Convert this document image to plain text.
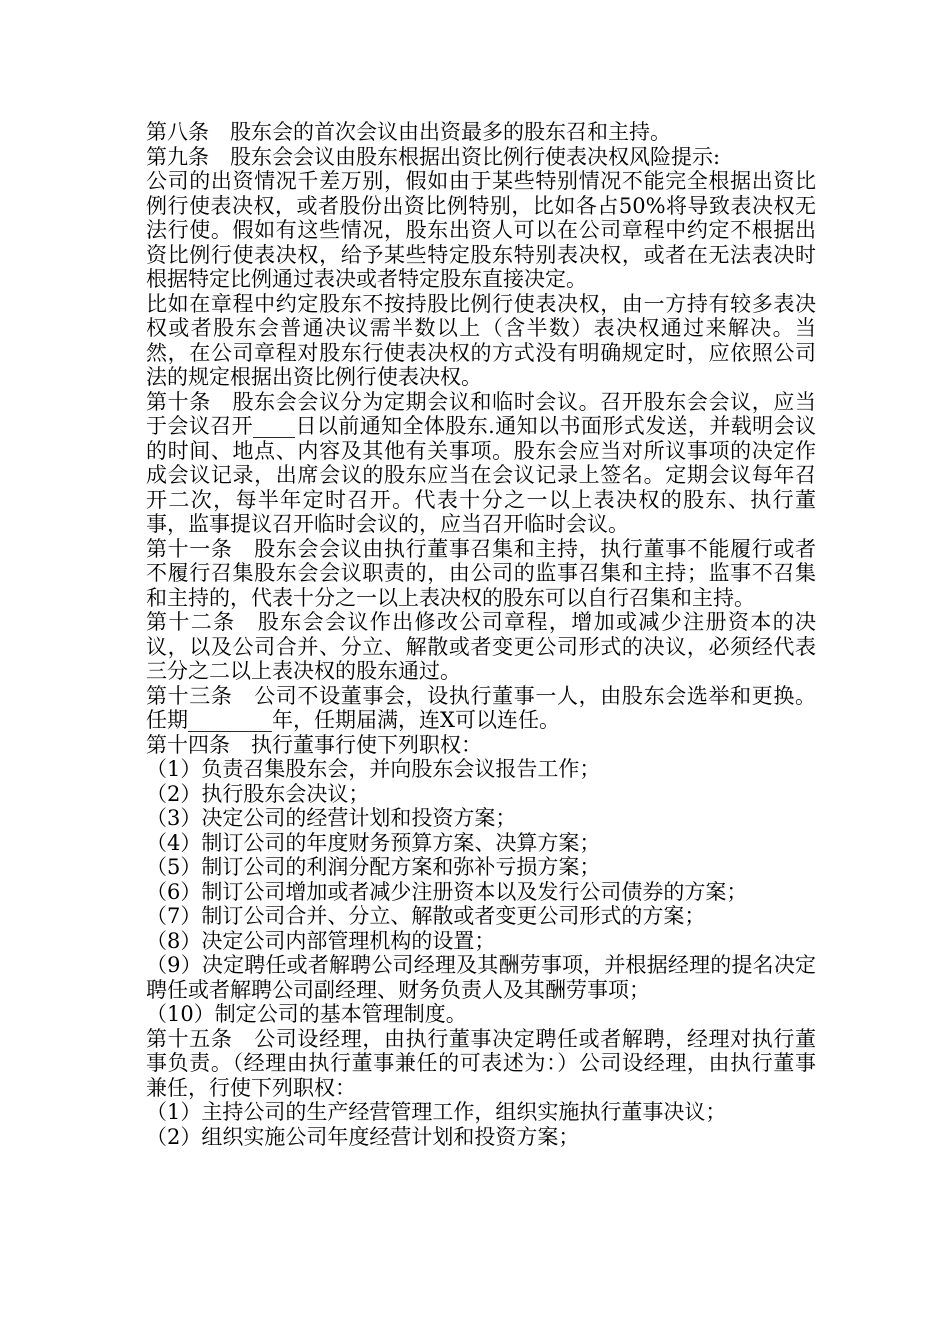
第八条　股东会的首次会议由出资最多的股东召和主持。

第九条　股东会会议由股东根据出资比例行使表决权风险提示:

公司的出资情况千差万别，假如由于某些特别情况不能完全根据出资比例行使表决权，或者股份出资比例特别，比如各占50%将导致表决权无法行使。假如有这些情况，股东出资人可以在公司章程中约定不根据出资比例行使表决权，给予某些特定股东特别表决权，或者在无法表决时根据特定比例通过表决或者特定股东直接决定。

比如在章程中约定股东不按持股比例行使表决权，由一方持有较多表决权或者股东会普通决议需半数以上（含半数）表决权通过来解决。当然，在公司章程对股东行使表决权的方式没有明确规定时，应依照公司法的规定根据出资比例行使表决权。

第十条　股东会会议分为定期会议和临时会议。召开股东会会议，应当于会议召开____日以前通知全体股东.通知以书面形式发送，并载明会议的时间、地点、内容及其他有关事项。股东会应当对所议事项的决定作成会议记录，出席会议的股东应当在会议记录上签名。定期会议每年召开二次，每半年定时召开。代表十分之一以上表决权的股东、执行董事，监事提议召开临时会议的，应当召开临时会议。

第十一条　股东会会议由执行董事召集和主持，执行董事不能履行或者不履行召集股东会会议职责的，由公司的监事召集和主持；监事不召集和主持的，代表十分之一以上表决权的股东可以自行召集和主持。

第十二条　股东会会议作出修改公司章程，增加或减少注册资本的决议，以及公司合并、分立、解散或者变更公司形式的决议，必须经代表三分之二以上表决权的股东通过。

第十三条　公司不设董事会，设执行董事一人，由股东会选举和更换。任期________年，任期届满，连X可以连任。

第十四条　执行董事行使下列职权：

（1）负责召集股东会，并向股东会议报告工作；

（2）执行股东会决议；

（3）决定公司的经营计划和投资方案；

（4）制订公司的年度财务预算方案、决算方案；

（5）制订公司的利润分配方案和弥补亏损方案；

（6）制订公司增加或者减少注册资本以及发行公司债券的方案；

（7）制订公司合并、分立、解散或者变更公司形式的方案；

（8）决定公司内部管理机构的设置；

（9）决定聘任或者解聘公司经理及其酬劳事项，并根据经理的提名决定聘任或者解聘公司副经理、财务负责人及其酬劳事项；

（10）制定公司的基本管理制度。

第十五条　公司设经理，由执行董事决定聘任或者解聘，经理对执行董事负责。（经理由执行董事兼任的可表述为：）公司设经理，由执行董事兼任，行使下列职权：

（1）主持公司的生产经营管理工作，组织实施执行董事决议；

（2）组织实施公司年度经营计划和投资方案；
